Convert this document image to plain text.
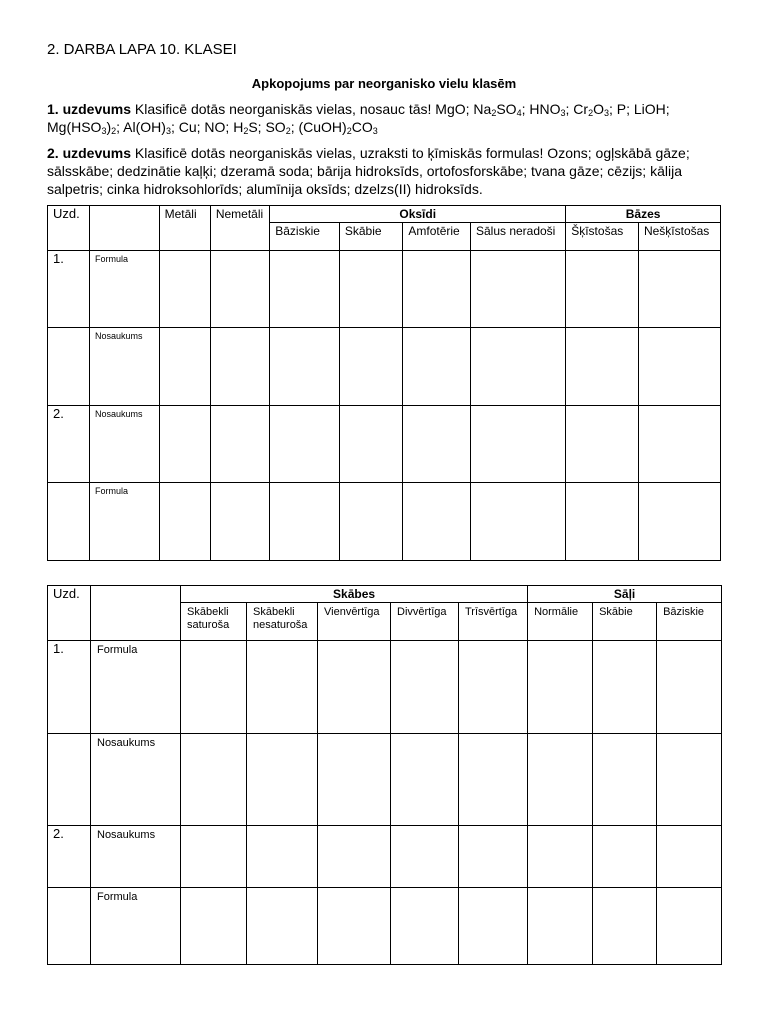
2. DARBA LAPA 10. KLASEI
Apkopojums par neorganisko vielu klasēm
1. uzdevums Klasificē dotās neorganiskās vielas, nosauc tās! MgO; $Na_2SO_4$; $HNO_3$; $Cr_2O_3$; P; LiOH; $Mg(HSO_3)_2$; $Al(OH)_3$; Cu; NO; $H_2S$; $SO_2$; $(CuOH)_2CO_3$
2. uzdevums Klasificē dotās neorganiskās vielas, uzraksti to ķīmiskās formulas! Ozons; ogļskābā gāze; sālsskābe; dedzinātie kaļķi; dzeramā soda; bārija hidroksīds, ortofosforskābe; tvana gāze; cēzijs; kālija salpetris; cinka hidroksohlorīds; alumīnija oksīds; dzelzs(II) hidroksīds.
Uzd.		Metāli	Nemetāli	Oksīdi				Bāzes	
				Bāziskie	Skābie	Amfotērie	Sālus neradoši	Šķīstošas	Nešķīstošas
1.	Formula								
	Nosaukums								
2.	Nosaukums								
	Formula								
Uzd.		Skābes					Sāļi		
		Skābekli saturoša	Skābekli nesaturoša	Vienvērtīga	Divvērtīga	Trīsvērtīga	Normālie	Skābie	Bāziskie
1.	Formula								
	Nosaukums								
2.	Nosaukums								
	Formula								
